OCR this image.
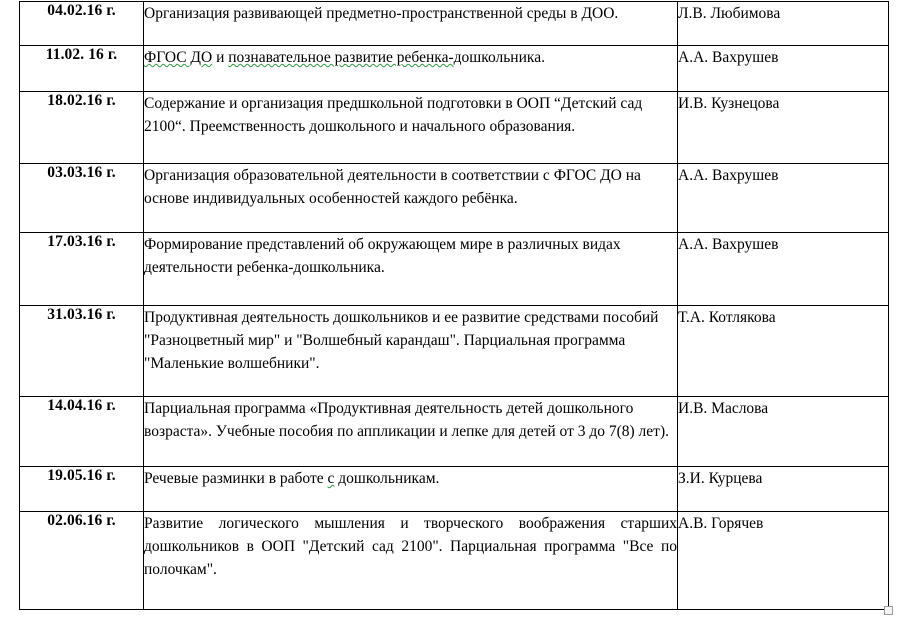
04.02.16 г.	Организация развивающей предметно-пространственной среды в ДОО.	Л.В. Любимова
11.02. 16 г.	ФГОС ДО и познавательное развитие ребенка-дошкольника.	А.А. Вахрушев
18.02.16 г.	Содержание и организация предшкольной подготовки в ООП “Детский сад 2100“. Преемственность дошкольного и начального образования.	И.В. Кузнецова
03.03.16 г.	Организация образовательной деятельности в соответствии с ФГОС ДО на основе индивидуальных особенностей каждого ребёнка.	А.А. Вахрушев
17.03.16 г.	Формирование представлений об окружающем мире в различных видах деятельности ребенка-дошкольника.	А.А. Вахрушев
31.03.16 г.	Продуктивная деятельность дошкольников и ее развитие средствами пособий "Разноцветный мир" и "Волшебный карандаш". Парциальная программа "Маленькие волшебники".	Т.А. Котлякова
14.04.16 г.	Парциальная программа «Продуктивная деятельность детей дошкольного возраста». Учебные пособия по аппликации и лепке для детей от 3 до 7(8) лет).	И.В. Маслова
19.05.16 г.	Речевые разминки в работе с дошкольникам.	З.И. Курцева
02.06.16 г.	Развитие логического мышления и творческого воображения старших дошкольников в ООП "Детский сад 2100". Парциальная программа "Все по полочкам".	А.В. Горячев
